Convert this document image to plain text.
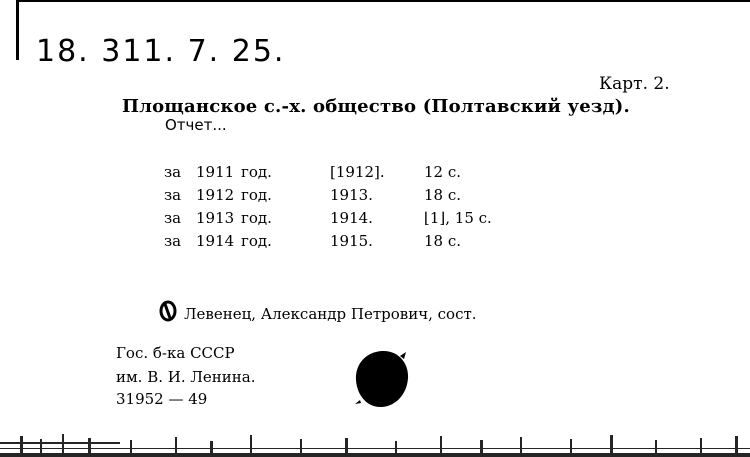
18. 311. 7. 25.
Карт. 2.
Площанское с.-х. общество (Полтавский уезд).
Отчет...
за 1911 год.	[1912].	12 с.
за 1912 год.	1913.	18 с.
за 1913 год.	1914.	⌊1⌋, 15 с.
за 1914 год.	1915.	18 с.
Левенец, Александр Петрович, сост.
Гос. б-ка СССР
им. В. И. Ленина.
31952 — 49
